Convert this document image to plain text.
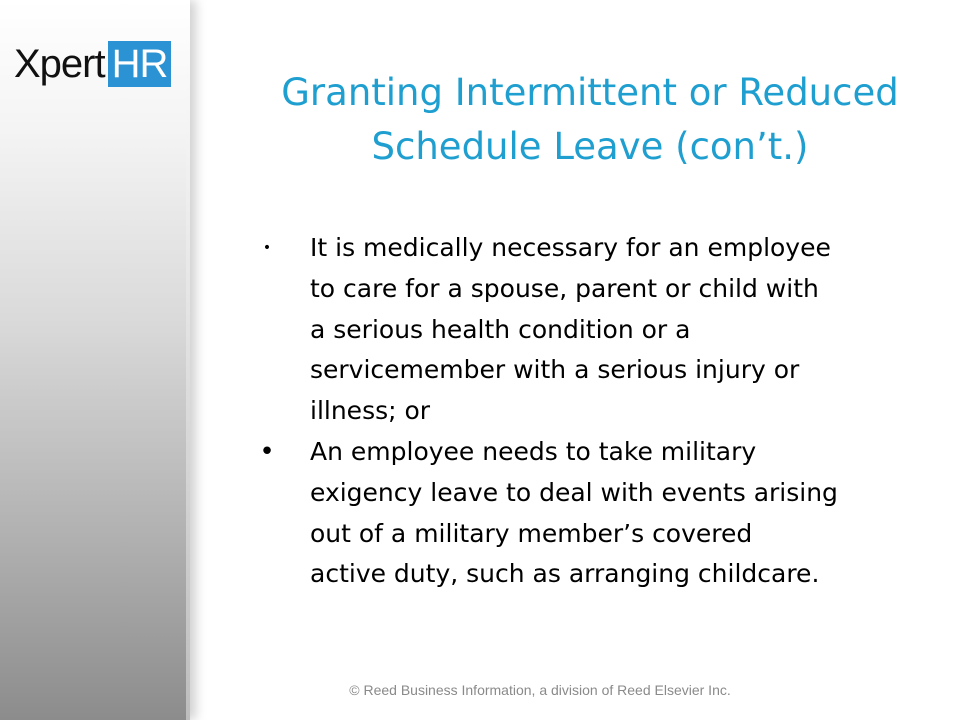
Xpert HR
Granting Intermittent or Reduced
Schedule Leave (con’t.)
• It is medically necessary for an employee
to care for a spouse, parent or child with
a serious health condition or a
servicemember with a serious injury or
illness; or
• An employee needs to take military
exigency leave to deal with events arising
out of a military member’s covered
active duty, such as arranging childcare.
© Reed Business Information, a division of Reed Elsevier Inc.
